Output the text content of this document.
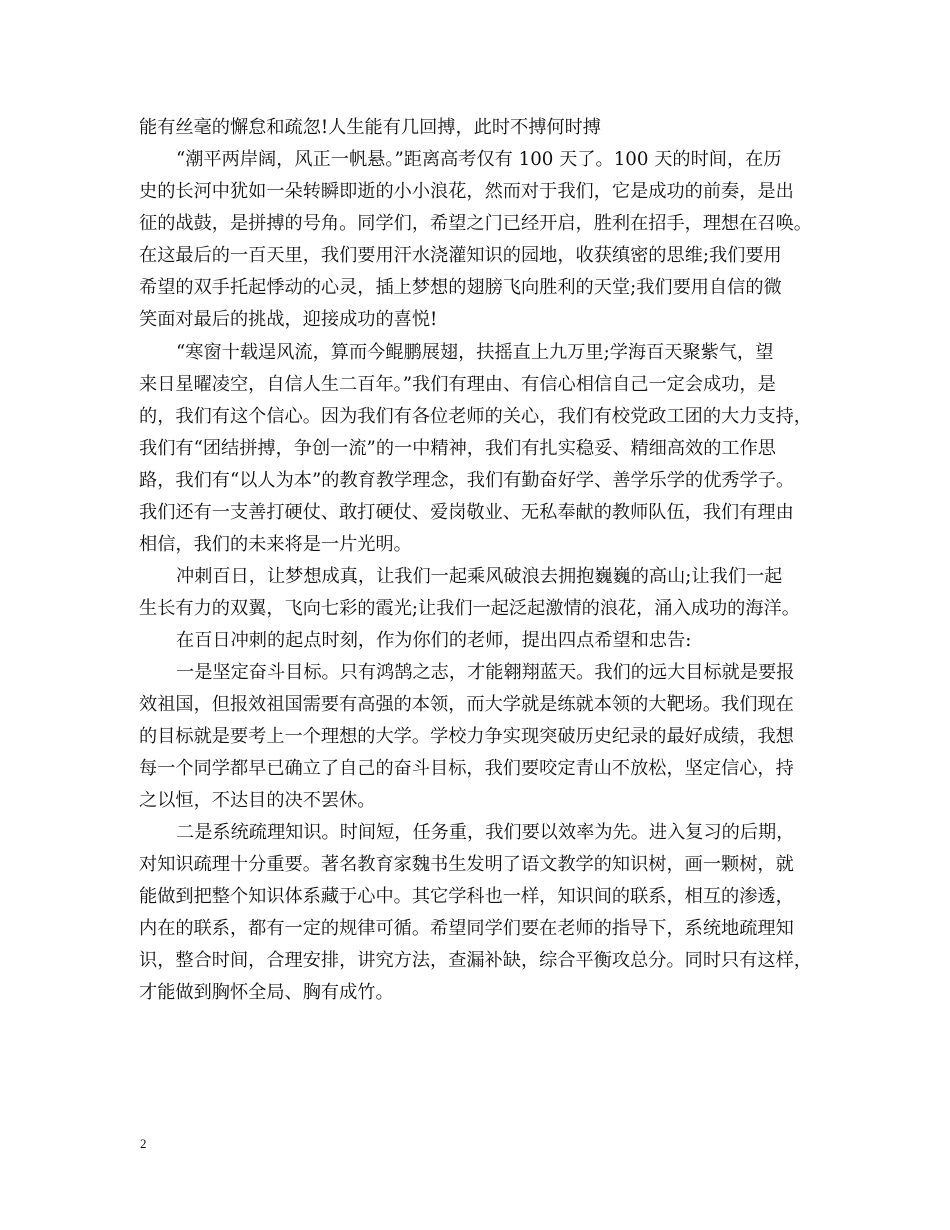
能有丝毫的懈怠和疏忽!人生能有几回搏，此时不搏何时搏
“潮平两岸阔，风正一帆悬。”距离高考仅有 100 天了。100 天的时间，在历
史的长河中犹如一朵转瞬即逝的小小浪花，然而对于我们，它是成功的前奏，是出
征的战鼓，是拼搏的号角。同学们，希望之门已经开启，胜利在招手，理想在召唤。
在这最后的一百天里，我们要用汗水浇灌知识的园地，收获缜密的思维;我们要用
希望的双手托起悸动的心灵，插上梦想的翅膀飞向胜利的天堂;我们要用自信的微
笑面对最后的挑战，迎接成功的喜悦!
“寒窗十载逞风流，算而今鲲鹏展翅，扶摇直上九万里;学海百天聚紫气，望
来日星曜凌空，自信人生二百年。”我们有理由、有信心相信自己一定会成功，是
的，我们有这个信心。因为我们有各位老师的关心，我们有校党政工团的大力支持，
我们有“团结拼搏，争创一流”的一中精神，我们有扎实稳妥、精细高效的工作思
路，我们有“以人为本”的教育教学理念，我们有勤奋好学、善学乐学的优秀学子。
我们还有一支善打硬仗、敢打硬仗、爱岗敬业、无私奉献的教师队伍，我们有理由
相信，我们的未来将是一片光明。
冲刺百日，让梦想成真，让我们一起乘风破浪去拥抱巍巍的高山;让我们一起
生长有力的双翼，飞向七彩的霞光;让我们一起泛起激情的浪花，涌入成功的海洋。
在百日冲刺的起点时刻，作为你们的老师，提出四点希望和忠告:
一是坚定奋斗目标。只有鸿鹄之志，才能翱翔蓝天。我们的远大目标就是要报
效祖国，但报效祖国需要有高强的本领，而大学就是练就本领的大靶场。我们现在
的目标就是要考上一个理想的大学。学校力争实现突破历史纪录的最好成绩，我想
每一个同学都早已确立了自己的奋斗目标，我们要咬定青山不放松，坚定信心，持
之以恒，不达目的决不罢休。
二是系统疏理知识。时间短，任务重，我们要以效率为先。进入复习的后期，
对知识疏理十分重要。著名教育家魏书生发明了语文教学的知识树，画一颗树，就
能做到把整个知识体系藏于心中。其它学科也一样，知识间的联系，相互的渗透，
内在的联系，都有一定的规律可循。希望同学们要在老师的指导下，系统地疏理知
识，整合时间，合理安排，讲究方法，查漏补缺，综合平衡攻总分。同时只有这样，
才能做到胸怀全局、胸有成竹。
2
